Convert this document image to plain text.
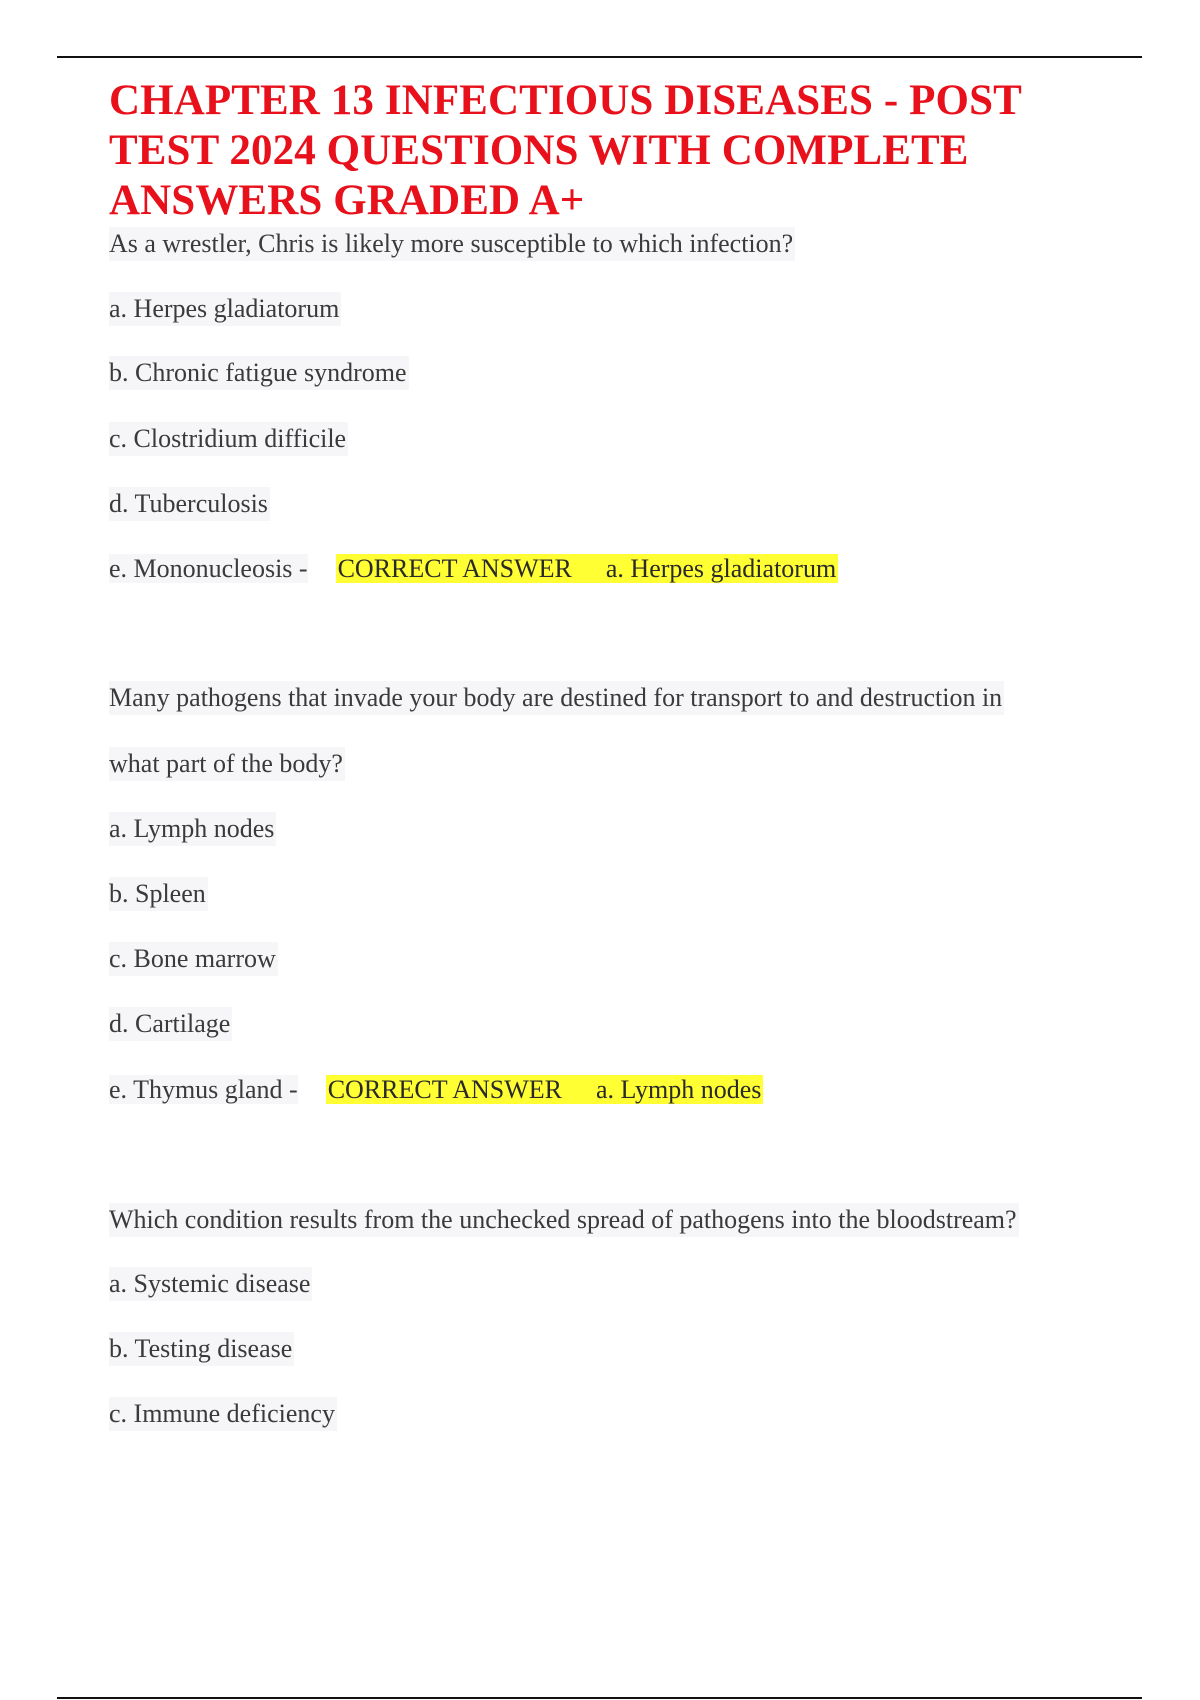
CHAPTER 13 INFECTIOUS DISEASES - POST TEST 2024 QUESTIONS WITH COMPLETE ANSWERS GRADED A+
As a wrestler, Chris is likely more susceptible to which infection?
a. Herpes gladiatorum
b. Chronic fatigue syndrome
c. Clostridium difficile
d. Tuberculosis
e. Mononucleosis - CORRECT ANSWER a. Herpes gladiatorum
Many pathogens that invade your body are destined for transport to and destruction in
what part of the body?
a. Lymph nodes
b. Spleen
c. Bone marrow
d. Cartilage
e. Thymus gland - CORRECT ANSWER a. Lymph nodes
Which condition results from the unchecked spread of pathogens into the bloodstream?
a. Systemic disease
b. Testing disease
c. Immune deficiency
